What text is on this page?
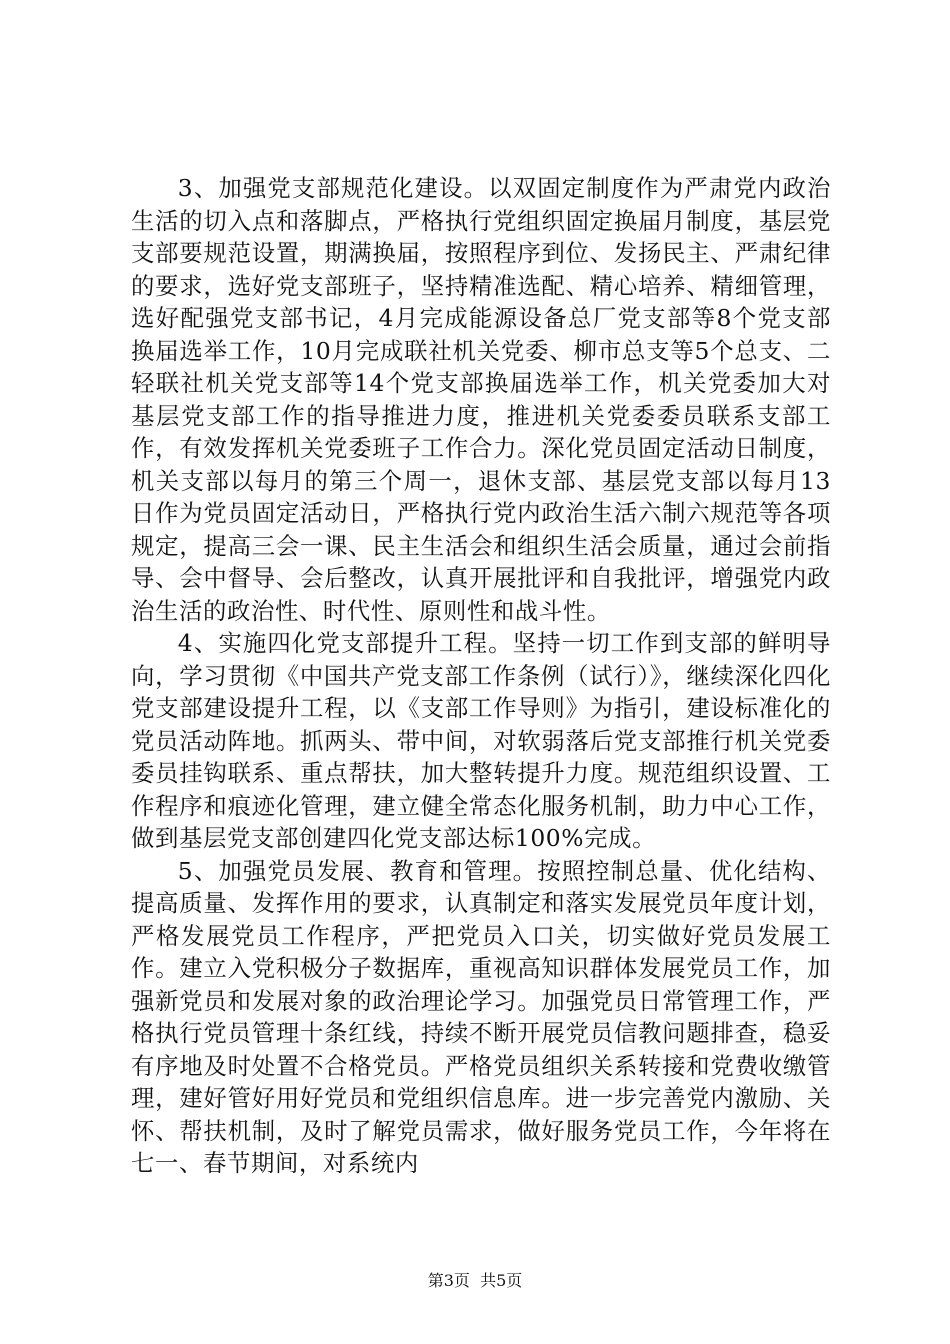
3、加强党支部规范化建设。以双固定制度作为严肃党内政治生活的切入点和落脚点，严格执行党组织固定换届月制度，基层党支部要规范设置，期满换届，按照程序到位、发扬民主、严肃纪律的要求，选好党支部班子，坚持精准选配、精心培养、精细管理，选好配强党支部书记，4月完成能源设备总厂党支部等8个党支部换届选举工作，10月完成联社机关党委、柳市总支等5个总支、二轻联社机关党支部等14个党支部换届选举工作，机关党委加大对基层党支部工作的指导推进力度，推进机关党委委员联系支部工作，有效发挥机关党委班子工作合力。深化党员固定活动日制度，机关支部以每月的第三个周一，退休支部、基层党支部以每月13日作为党员固定活动日，严格执行党内政治生活六制六规范等各项规定，提高三会一课、民主生活会和组织生活会质量，通过会前指导、会中督导、会后整改，认真开展批评和自我批评，增强党内政治生活的政治性、时代性、原则性和战斗性。

4、实施四化党支部提升工程。坚持一切工作到支部的鲜明导向，学习贯彻《中国共产党支部工作条例（试行）》，继续深化四化党支部建设提升工程，以《支部工作导则》为指引，建设标准化的党员活动阵地。抓两头、带中间，对软弱落后党支部推行机关党委委员挂钩联系、重点帮扶，加大整转提升力度。规范组织设置、工作程序和痕迹化管理，建立健全常态化服务机制，助力中心工作，做到基层党支部创建四化党支部达标100%完成。

5、加强党员发展、教育和管理。按照控制总量、优化结构、提高质量、发挥作用的要求，认真制定和落实发展党员年度计划，严格发展党员工作程序，严把党员入口关，切实做好党员发展工作。建立入党积极分子数据库，重视高知识群体发展党员工作，加强新党员和发展对象的政治理论学习。加强党员日常管理工作，严格执行党员管理十条红线，持续不断开展党员信教问题排查，稳妥有序地及时处置不合格党员。严格党员组织关系转接和党费收缴管理，建好管好用好党员和党组织信息库。进一步完善党内激励、关怀、帮扶机制，及时了解党员需求，做好服务党员工作，今年将在七一、春节期间，对系统内

第3页  共5页
